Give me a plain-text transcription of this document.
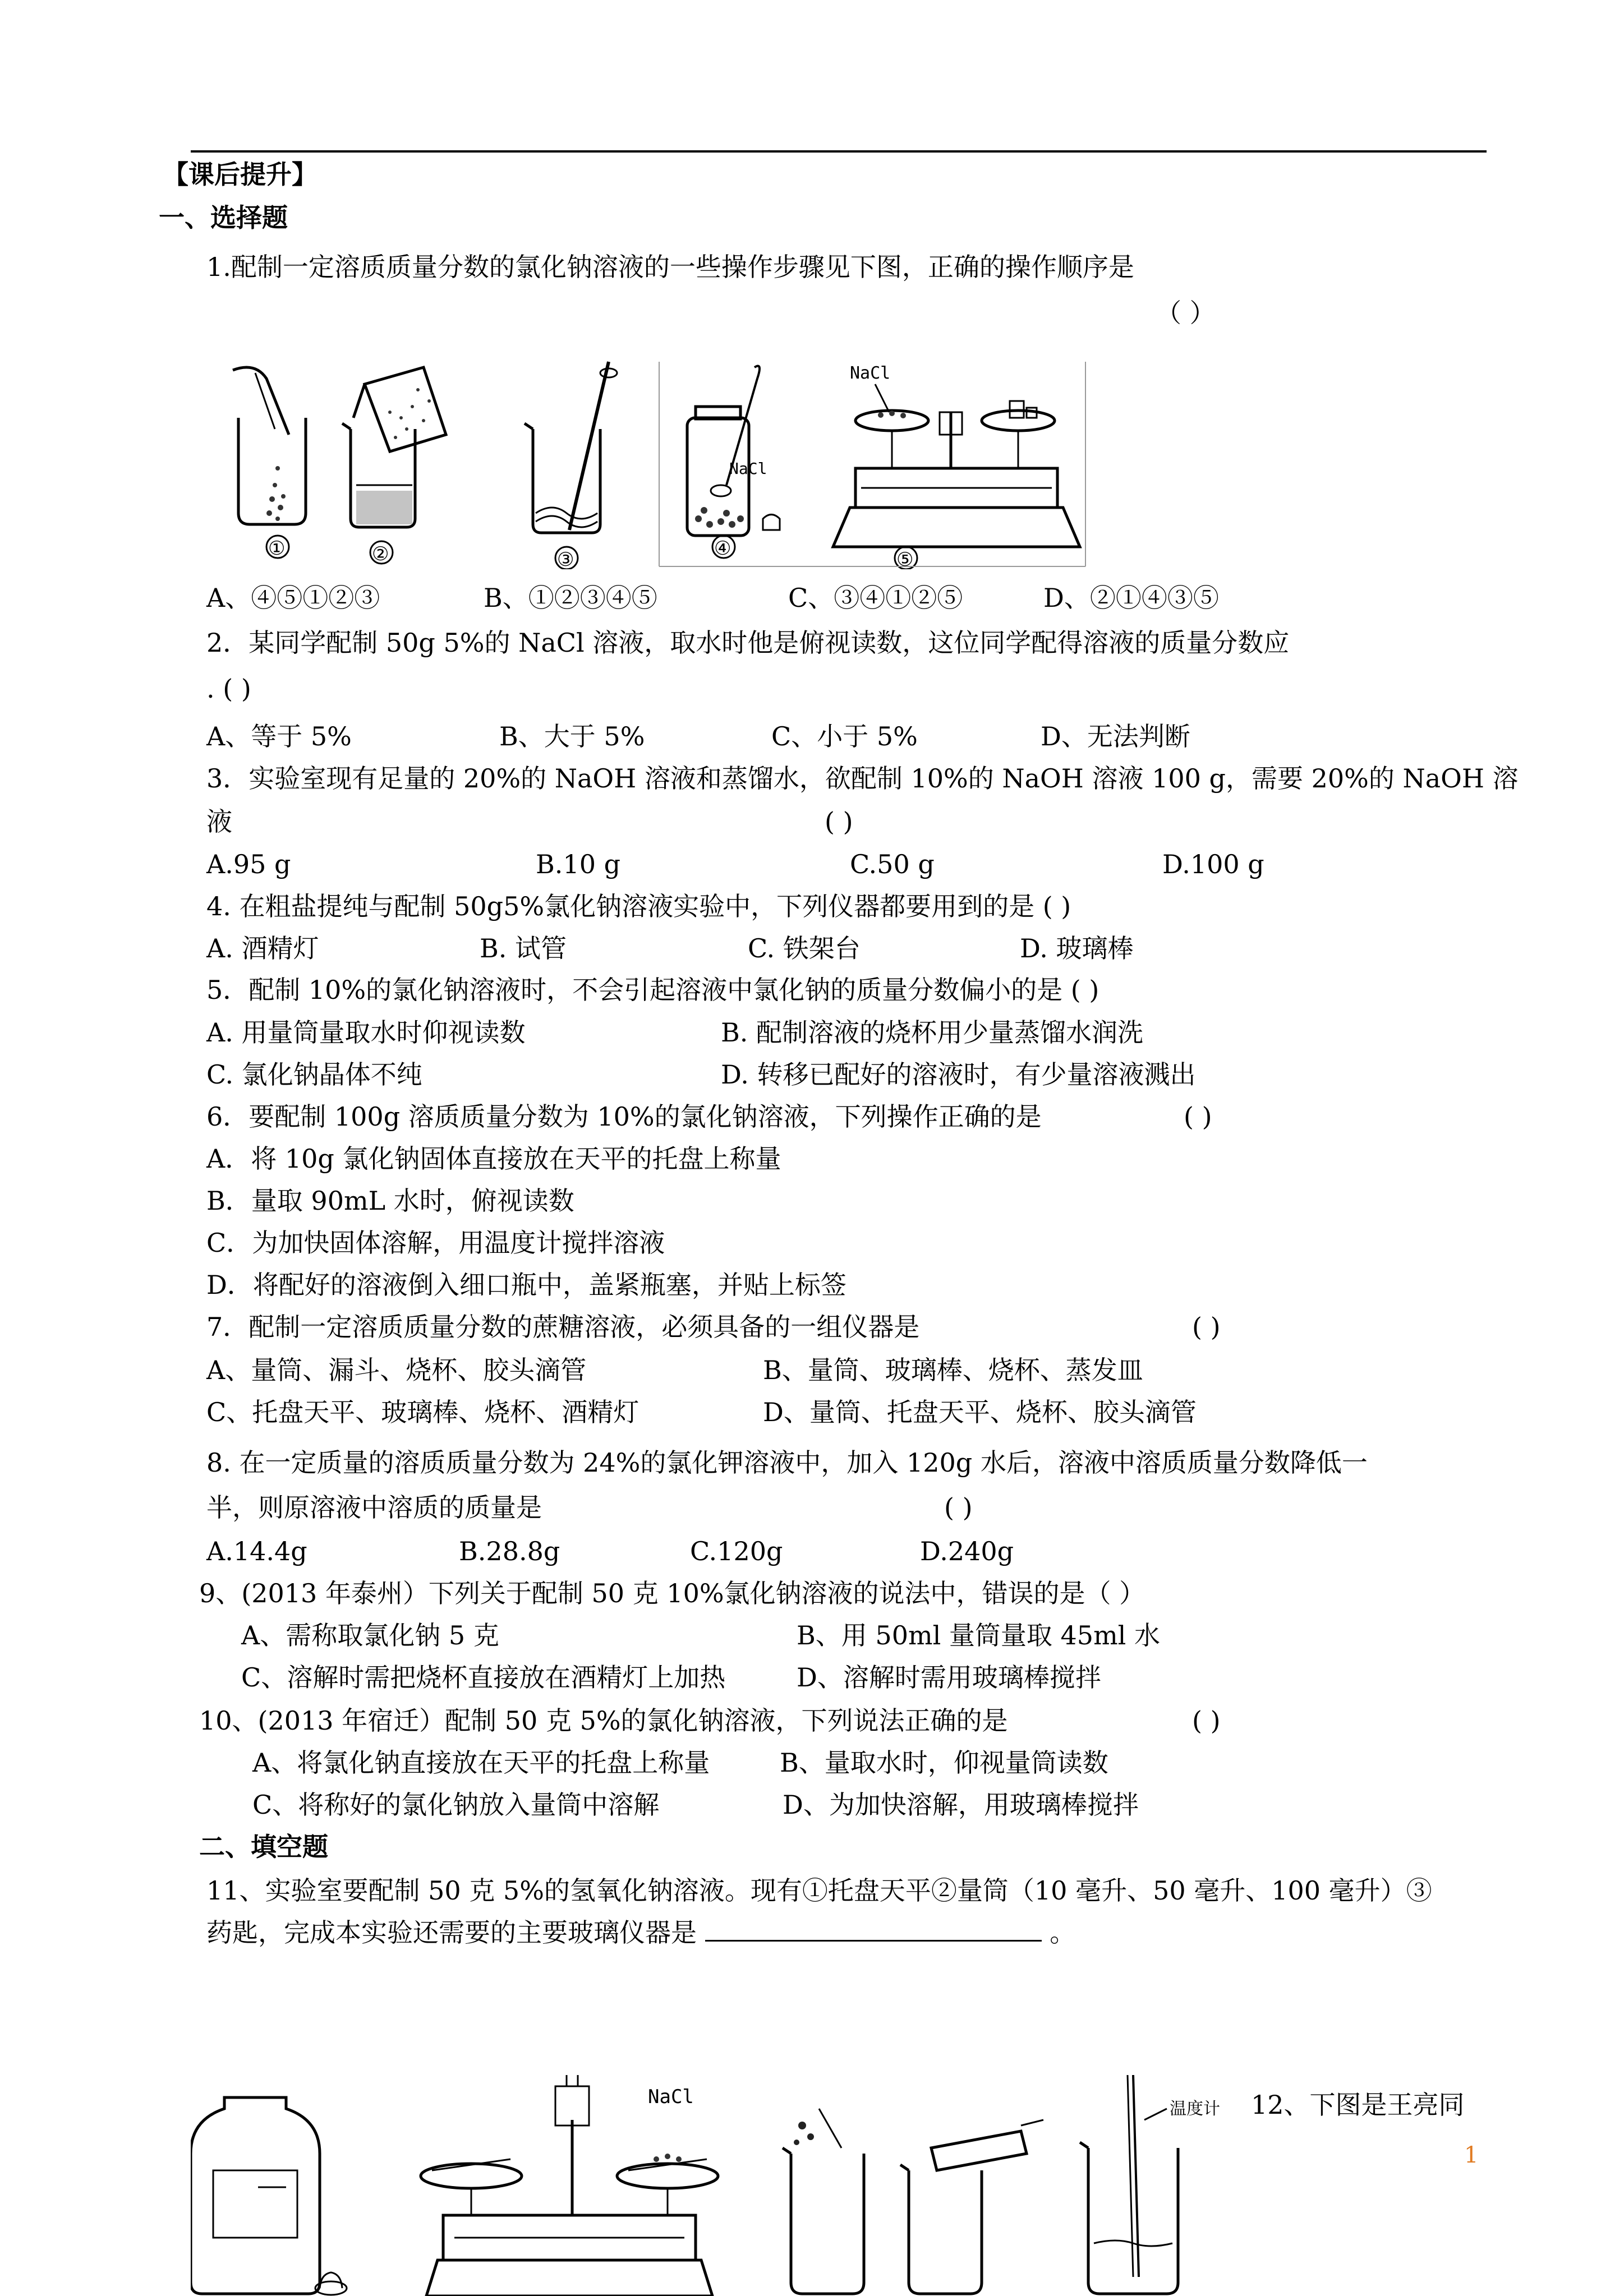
【课后提升】
一、选择题
1.配制一定溶质质量分数的氯化钠溶液的一些操作步骤见下图，正确的操作顺序是
（ ）
NaCl
NaCl
①	②	③	④	⑤
A、④⑤①②③	B、①②③④⑤	C、③④①②⑤	D、②①④③⑤
2．某同学配制 50g 5%的 NaCl 溶液，取水时他是俯视读数，这位同学配得溶液的质量分数应
. ( )
A、等于 5%	B、大于 5%	C、小于 5%	D、无法判断
3．实验室现有足量的 20%的 NaOH 溶液和蒸馏水，欲配制 10%的 NaOH 溶液 100 g，需要 20%的 NaOH 溶
液	( )
A.95 g	B.10 g	C.50 g	D.100 g
4. 在粗盐提纯与配制 50g5%氯化钠溶液实验中，下列仪器都要用到的是 ( )
A. 酒精灯	B. 试管	C. 铁架台	D. 玻璃棒
5．配制 10%的氯化钠溶液时，不会引起溶液中氯化钠的质量分数偏小的是 ( )
A. 用量筒量取水时仰视读数	B. 配制溶液的烧杯用少量蒸馏水润洗
C. 氯化钠晶体不纯	D. 转移已配好的溶液时，有少量溶液溅出
6．要配制 100g 溶质质量分数为 10%的氯化钠溶液，下列操作正确的是	( )
A．将 10g 氯化钠固体直接放在天平的托盘上称量
B．量取 90mL 水时，俯视读数
C．为加快固体溶解，用温度计搅拌溶液
D．将配好的溶液倒入细口瓶中，盖紧瓶塞，并贴上标签
7．配制一定溶质质量分数的蔗糖溶液，必须具备的一组仪器是	( )
A、量筒、漏斗、烧杯、胶头滴管	B、量筒、玻璃棒、烧杯、蒸发皿
C、托盘天平、玻璃棒、烧杯、酒精灯	D、量筒、托盘天平、烧杯、胶头滴管
8. 在一定质量的溶质质量分数为 24%的氯化钾溶液中，加入 120g 水后，溶液中溶质质量分数降低一
半，则原溶液中溶质的质量是	( )
A.14.4g	B.28.8g	C.120g	D.240g
9、(2013 年泰州）下列关于配制 50 克 10%氯化钠溶液的说法中，错误的是（ ）
A、需称取氯化钠 5 克	B、用 50ml 量筒量取 45ml 水
C、溶解时需把烧杯直接放在酒精灯上加热	D、溶解时需用玻璃棒搅拌
10、(2013 年宿迁）配制 50 克 5%的氯化钠溶液，下列说法正确的是	( )
A、将氯化钠直接放在天平的托盘上称量	B、量取水时，仰视量筒读数
C、将称好的氯化钠放入量筒中溶解	D、为加快溶解，用玻璃棒搅拌
二、填空题
11、实验室要配制 50 克 5%的氢氧化钠溶液。现有①托盘天平②量筒（10 毫升、50 毫升、100 毫升）③
药匙，完成本实验还需要的主要玻璃仪器是	。
NaCl
温度计 12、下图是王亮同
1
